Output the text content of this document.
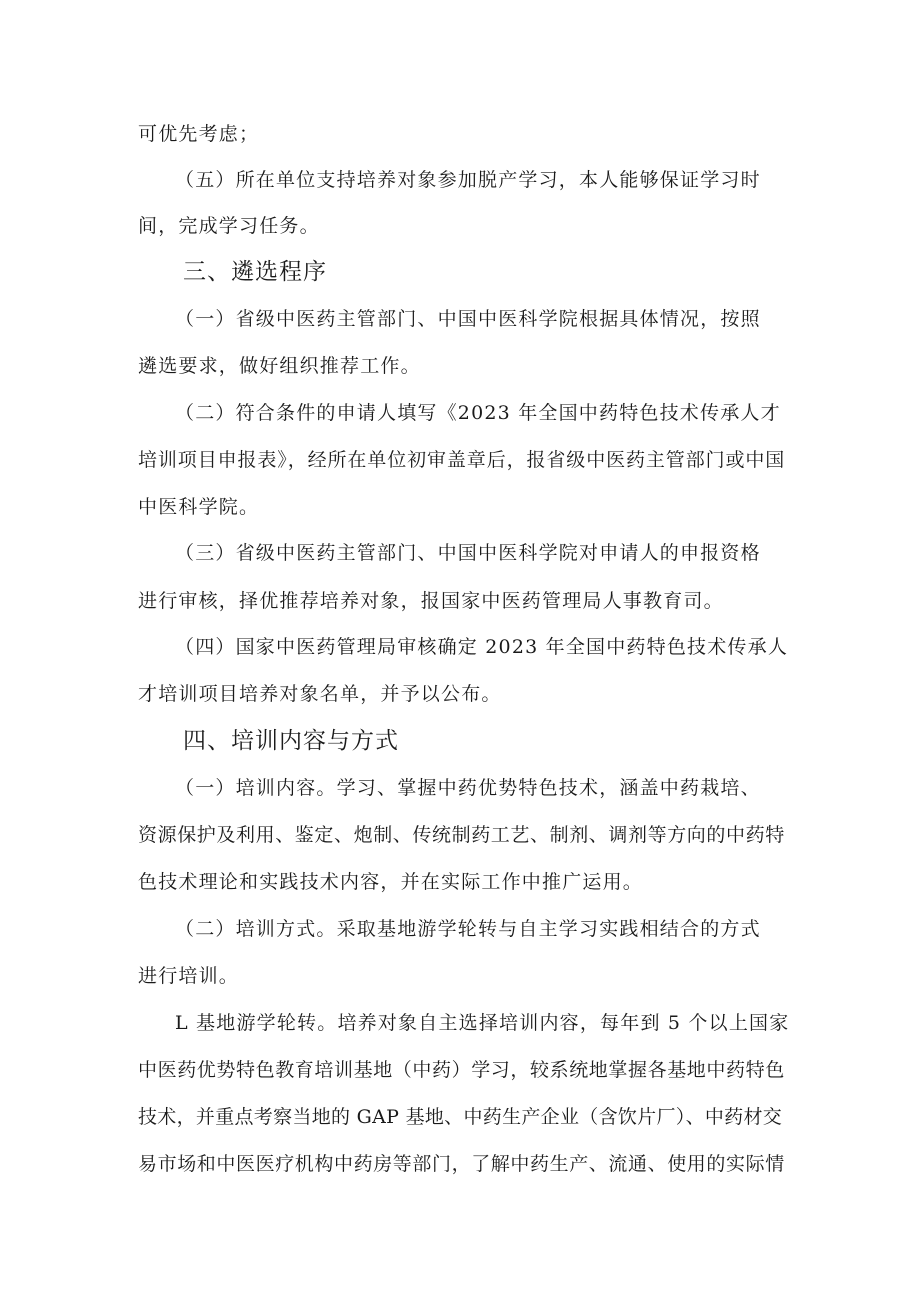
可优先考虑；
（五）所在单位支持培养对象参加脱产学习，本人能够保证学习时
间，完成学习任务。
三、遴选程序
（一）省级中医药主管部门、中国中医科学院根据具体情况，按照
遴选要求，做好组织推荐工作。
（二）符合条件的申请人填写《2023 年全国中药特色技术传承人才
培训项目申报表》，经所在单位初审盖章后，报省级中医药主管部门或中国
中医科学院。
（三）省级中医药主管部门、中国中医科学院对申请人的申报资格
进行审核，择优推荐培养对象，报国家中医药管理局人事教育司。
（四）国家中医药管理局审核确定 2023 年全国中药特色技术传承人
才培训项目培养对象名单，并予以公布。
四、培训内容与方式
（一）培训内容。学习、掌握中药优势特色技术，涵盖中药栽培、
资源保护及利用、鉴定、炮制、传统制药工艺、制剂、调剂等方向的中药特
色技术理论和实践技术内容，并在实际工作中推广运用。
（二）培训方式。采取基地游学轮转与自主学习实践相结合的方式
进行培训。
L 基地游学轮转。培养对象自主选择培训内容，每年到 5 个以上国家
中医药优势特色教育培训基地（中药）学习，较系统地掌握各基地中药特色
技术，并重点考察当地的 GAP 基地、中药生产企业（含饮片厂）、中药材交
易市场和中医医疗机构中药房等部门，了解中药生产、流通、使用的实际情
